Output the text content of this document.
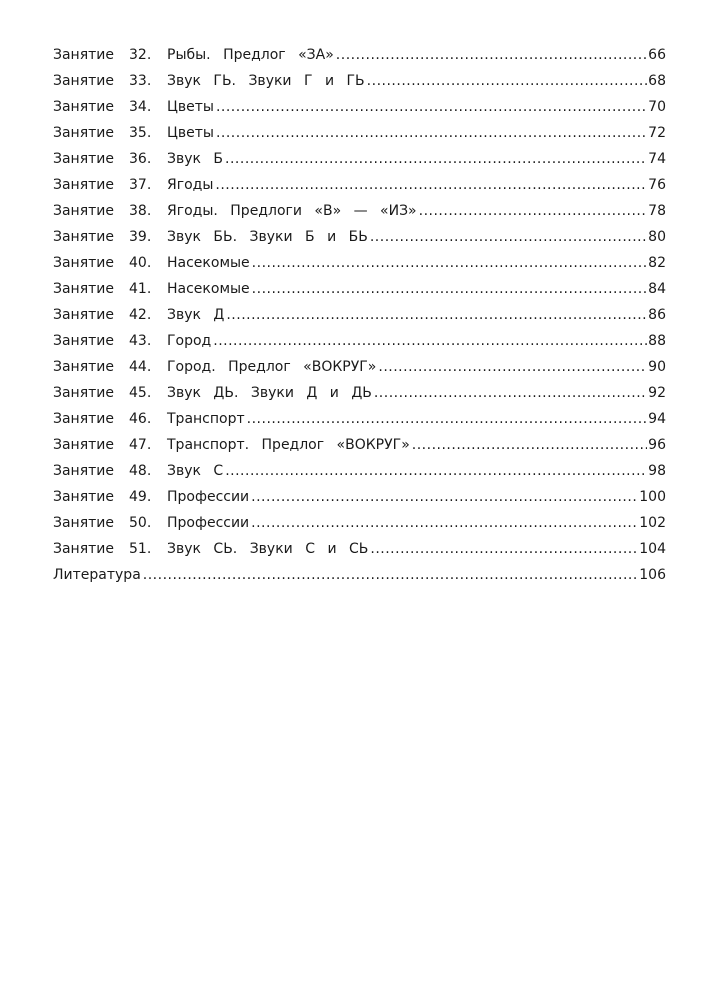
Занятие	32.	Рыбы. Предлог «ЗА» .....	66
Занятие	33.	Звук ГЬ. Звуки Г и ГЬ .....	68
Занятие	34.	Цветы .....	70
Занятие	35.	Цветы .....	72
Занятие	36.	Звук Б .....	74
Занятие	37.	Ягоды .....	76
Занятие	38.	Ягоды. Предлоги «В» — «ИЗ» .....	78
Занятие	39.	Звук БЬ. Звуки Б и БЬ .....	80
Занятие	40.	Насекомые .....	82
Занятие	41.	Насекомые .....	84
Занятие	42.	Звук Д .....	86
Занятие	43.	Город .....	88
Занятие	44.	Город. Предлог «ВОКРУГ» .....	90
Занятие	45.	Звук ДЬ. Звуки Д и ДЬ .....	92
Занятие	46.	Транспорт .....	94
Занятие	47.	Транспорт. Предлог «ВОКРУГ» .....	96
Занятие	48.	Звук С .....	98
Занятие	49.	Профессии .....	100
Занятие	50.	Профессии .....	102
Занятие	51.	Звук СЬ. Звуки С и СЬ .....	104
Литература .....	106
